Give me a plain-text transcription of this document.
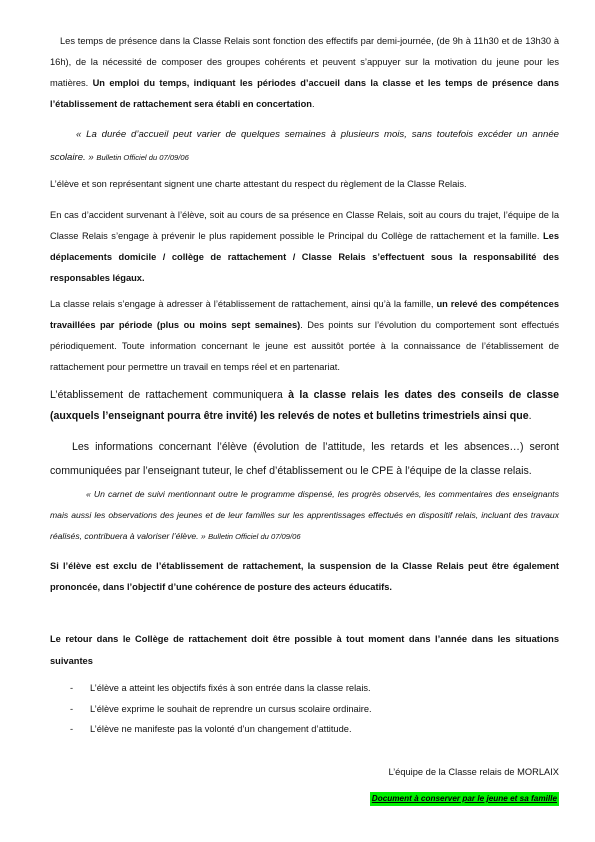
Les temps de présence dans la Classe Relais sont fonction des effectifs par demi-journée, (de 9h à 11h30 et de 13h30 à 16h), de la nécessité de composer des groupes cohérents et peuvent s’appuyer sur la motivation du jeune pour les matières. Un emploi du temps, indiquant les périodes d’accueil dans la classe et les temps de présence dans l’établissement de rattachement sera établi en concertation.

« La durée d’accueil peut varier de quelques semaines à plusieurs mois, sans toutefois excéder un année scolaire. » Bulletin Officiel du 07/09/06

L’élève et son représentant signent une charte attestant du respect du règlement de la Classe Relais.

En cas d’accident survenant à l’élève, soit au cours de sa présence en Classe Relais, soit au cours du trajet, l’équipe de la Classe Relais s’engage à prévenir le plus rapidement possible le Principal du Collège de rattachement et la famille. Les déplacements domicile / collège de rattachement / Classe Relais s’effectuent sous la responsabilité des responsables légaux.

La classe relais s’engage à adresser à l’établissement de rattachement, ainsi qu’à la famille, un relevé des compétences travaillées par période (plus ou moins sept semaines). Des points sur l’évolution du comportement sont effectués périodiquement. Toute information concernant le jeune est aussitôt portée à la connaissance de l’établissement de rattachement pour permettre un travail en temps réel et en partenariat.

L’établissement de rattachement communiquera à la classe relais les dates des conseils de classe (auxquels l’enseignant pourra être invité) les relevés de notes et bulletins trimestriels ainsi que.

Les informations concernant l’élève (évolution de l’attitude, les retards et les absences…) seront communiquées par l’enseignant tuteur, le chef d’établissement ou le CPE à l’équipe de la classe relais.

« Un carnet de suivi mentionnant outre le programme dispensé, les progrès observés, les commentaires des enseignants mais aussi les observations des jeunes et de leur familles sur les apprentissages effectués en dispositif relais, incluant des travaux réalisés, contribuera à valoriser l’élève. » Bulletin Officiel du 07/09/06

Si l’élève est exclu de l’établissement de rattachement, la suspension de la Classe Relais peut être également prononcée, dans l’objectif d’une cohérence de posture des acteurs éducatifs.

Le retour dans le Collège de rattachement doit être possible à tout moment dans l’année dans les situations suivantes

- L’élève a atteint les objectifs fixés à son entrée dans la classe relais.
- L’élève exprime le souhait de reprendre un cursus scolaire ordinaire.
- L’élève ne manifeste pas la volonté d’un changement d’attitude.

L’équipe de la Classe relais de MORLAIX

Document à conserver par le jeune et sa famille
